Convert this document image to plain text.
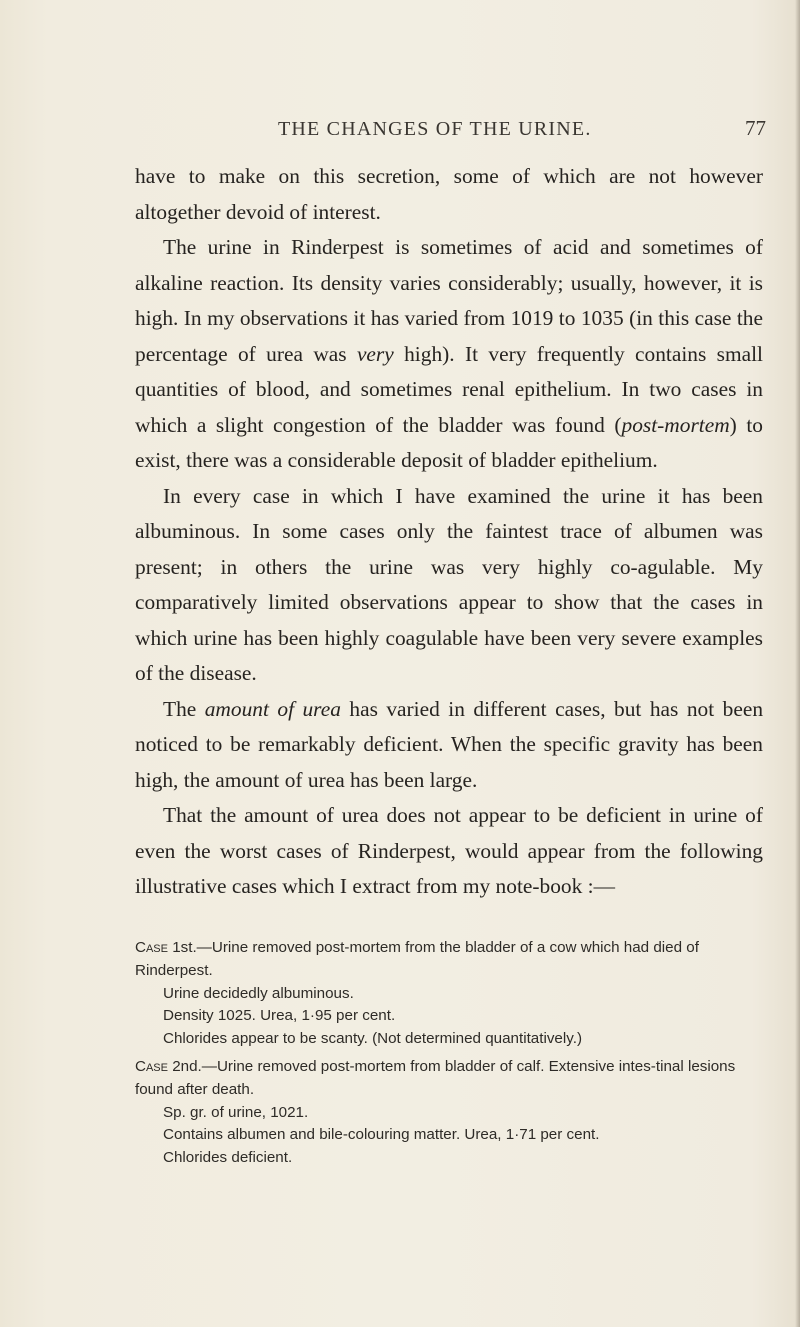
THE CHANGES OF THE URINE.	77

have to make on this secretion, some of which are not however altogether devoid of interest.

The urine in Rinderpest is sometimes of acid and sometimes of alkaline reaction. Its density varies considerably; usually, however, it is high. In my observations it has varied from 1019 to 1035 (in this case the percentage of urea was very high). It very frequently contains small quantities of blood, and sometimes renal epithelium. In two cases in which a slight congestion of the bladder was found (post-mortem) to exist, there was a considerable deposit of bladder epithelium.

In every case in which I have examined the urine it has been albuminous. In some cases only the faintest trace of albumen was present; in others the urine was very highly co-agulable. My comparatively limited observations appear to show that the cases in which urine has been highly coagulable have been very severe examples of the disease.

The amount of urea has varied in different cases, but has not been noticed to be remarkably deficient. When the specific gravity has been high, the amount of urea has been large.

That the amount of urea does not appear to be deficient in urine of even the worst cases of Rinderpest, would appear from the following illustrative cases which I extract from my note-book :—

Case 1st.—Urine removed post-mortem from the bladder of a cow which had died of Rinderpest.

Urine decidedly albuminous.

Density 1025. Urea, 1·95 per cent.

Chlorides appear to be scanty. (Not determined quantitatively.)

Case 2nd.—Urine removed post-mortem from bladder of calf. Extensive intes-tinal lesions found after death.

Sp. gr. of urine, 1021.

Contains albumen and bile-colouring matter. Urea, 1·71 per cent.

Chlorides deficient.
